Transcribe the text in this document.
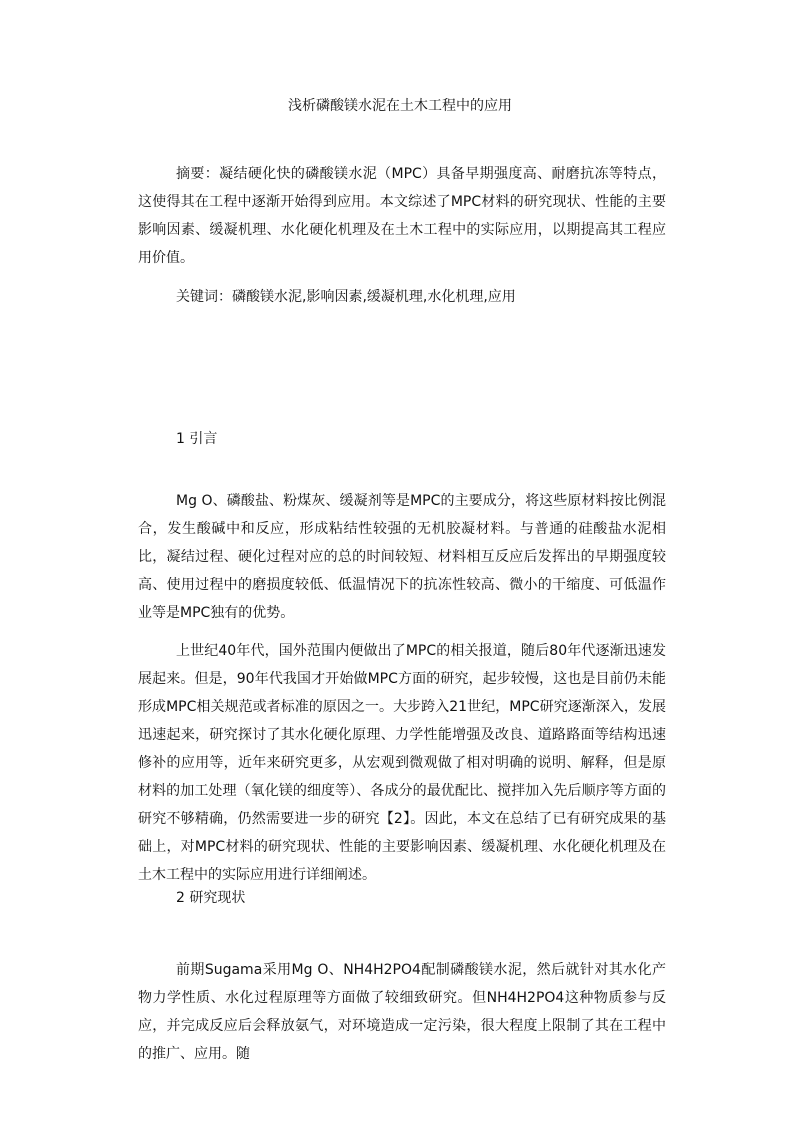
浅析磷酸镁水泥在土木工程中的应用

摘要：凝结硬化快的磷酸镁水泥（MPC）具备早期强度高、耐磨抗冻等特点，这使得其在工程中逐渐开始得到应用。本文综述了MPC材料的研究现状、性能的主要影响因素、缓凝机理、水化硬化机理及在土木工程中的实际应用，以期提高其工程应用价值。

关键词：磷酸镁水泥,影响因素,缓凝机理,水化机理,应用

1 引言

Mg O、磷酸盐、粉煤灰、缓凝剂等是MPC的主要成分，将这些原材料按比例混合，发生酸碱中和反应，形成粘结性较强的无机胶凝材料。与普通的硅酸盐水泥相比，凝结过程、硬化过程对应的总的时间较短、材料相互反应后发挥出的早期强度较高、使用过程中的磨损度较低、低温情况下的抗冻性较高、微小的干缩度、可低温作业等是MPC独有的优势。

上世纪40年代，国外范围内便做出了MPC的相关报道，随后80年代逐渐迅速发展起来。但是，90年代我国才开始做MPC方面的研究，起步较慢，这也是目前仍未能形成MPC相关规范或者标准的原因之一。大步跨入21世纪，MPC研究逐渐深入，发展迅速起来，研究探讨了其水化硬化原理、力学性能增强及改良、道路路面等结构迅速修补的应用等，近年来研究更多，从宏观到微观做了相对明确的说明、解释，但是原材料的加工处理（氧化镁的细度等）、各成分的最优配比、搅拌加入先后顺序等方面的研究不够精确，仍然需要进一步的研究【2】。因此，本文在总结了已有研究成果的基础上，对MPC材料的研究现状、性能的主要影响因素、缓凝机理、水化硬化机理及在土木工程中的实际应用进行详细阐述。

2 研究现状

前期Sugama采用Mg O、NH4H2PO4配制磷酸镁水泥，然后就针对其水化产物力学性质、水化过程原理等方面做了较细致研究。但NH4H2PO4这种物质参与反应，并完成反应后会释放氨气，对环境造成一定污染，很大程度上限制了其在工程中的推广、应用。随
